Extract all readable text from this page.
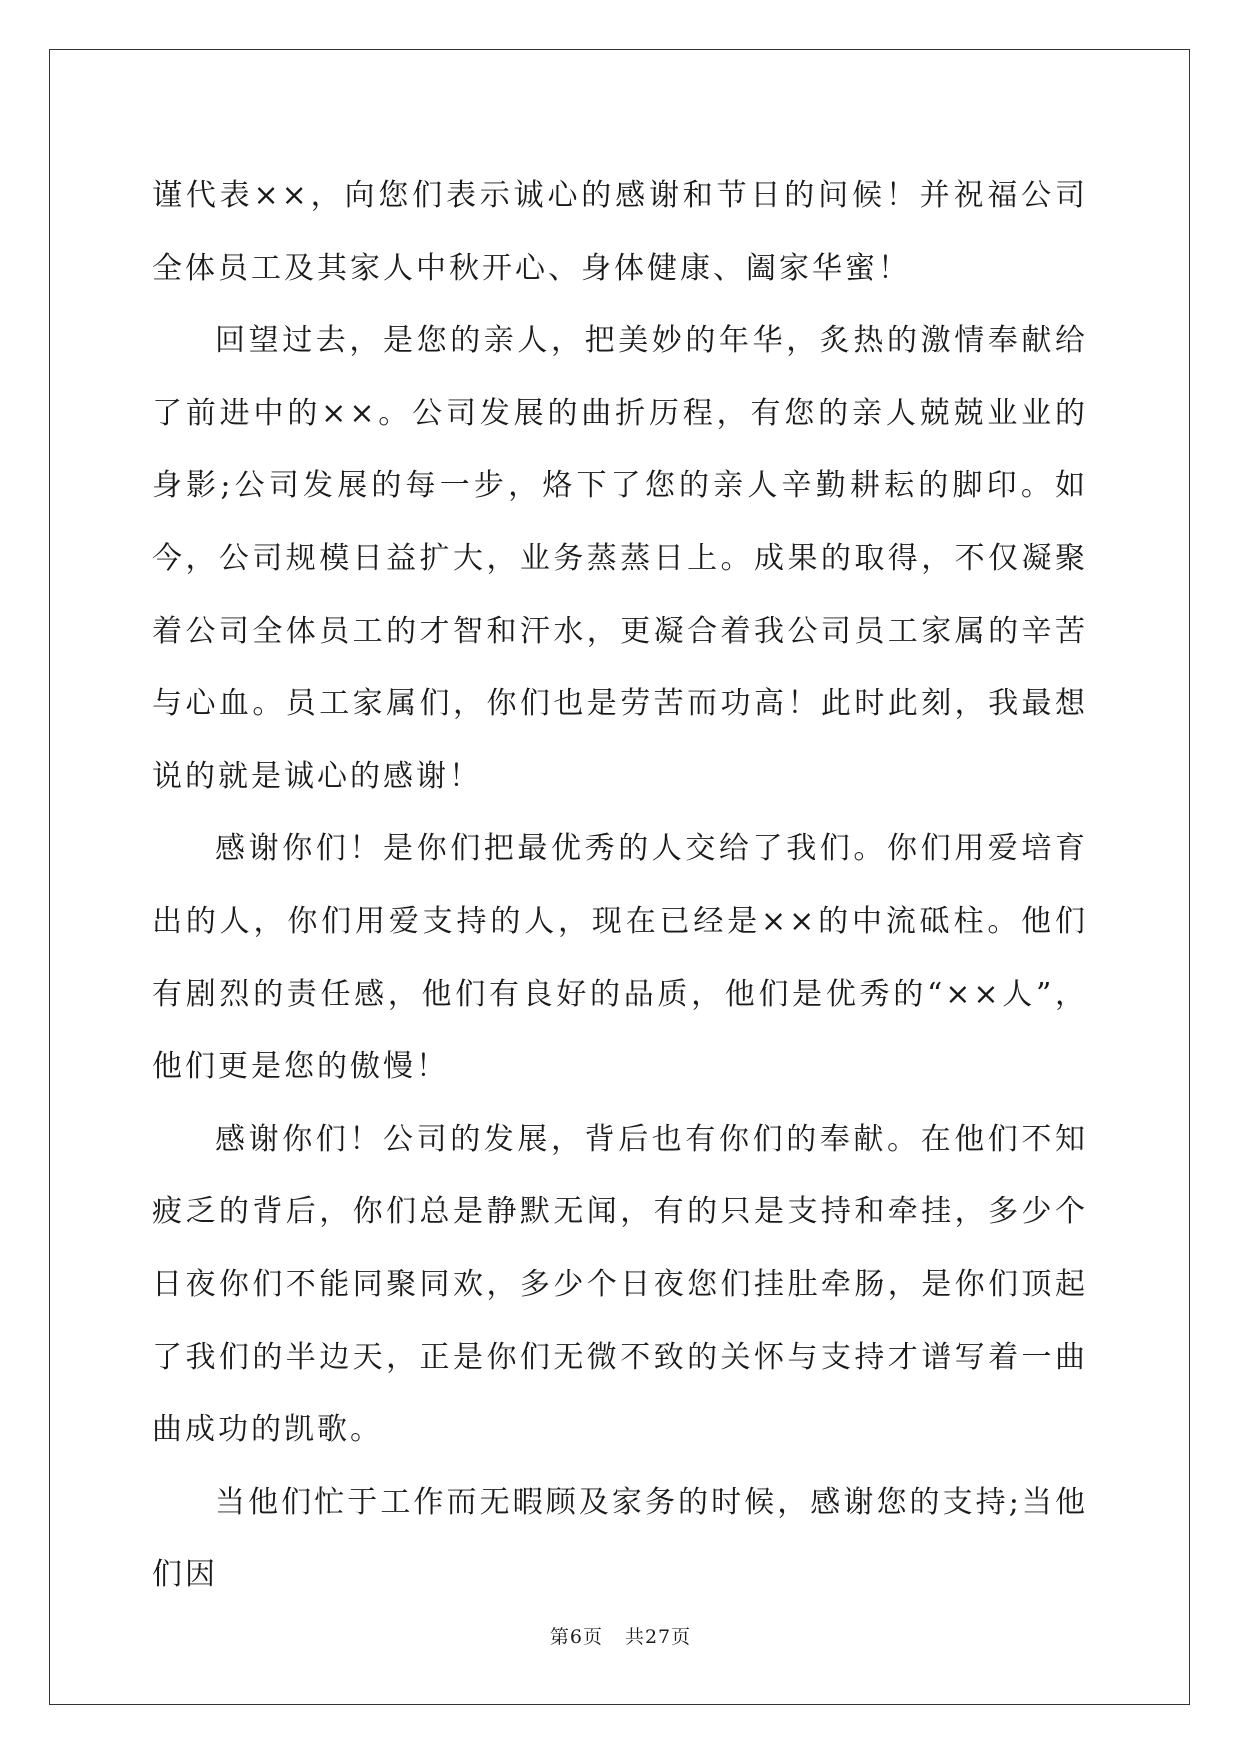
谨代表××，向您们表示诚心的感谢和节日的问候！并祝福公司全体员工及其家人中秋开心、身体健康、阖家华蜜！

回望过去，是您的亲人，把美妙的年华，炙热的激情奉献给了前进中的××。公司发展的曲折历程，有您的亲人兢兢业业的身影;公司发展的每一步，烙下了您的亲人辛勤耕耘的脚印。如今，公司规模日益扩大，业务蒸蒸日上。成果的取得，不仅凝聚着公司全体员工的才智和汗水，更凝合着我公司员工家属的辛苦与心血。员工家属们，你们也是劳苦而功高！此时此刻，我最想说的就是诚心的感谢！

感谢你们！是你们把最优秀的人交给了我们。你们用爱培育出的人，你们用爱支持的人，现在已经是××的中流砥柱。他们有剧烈的责任感，他们有良好的品质，他们是优秀的“××人”，他们更是您的傲慢！

感谢你们！公司的发展，背后也有你们的奉献。在他们不知疲乏的背后，你们总是静默无闻，有的只是支持和牵挂，多少个日夜你们不能同聚同欢，多少个日夜您们挂肚牵肠，是你们顶起了我们的半边天，正是你们无微不致的关怀与支持才谱写着一曲曲成功的凯歌。

当他们忙于工作而无暇顾及家务的时候，感谢您的支持;当他们因

第6页 共27页
